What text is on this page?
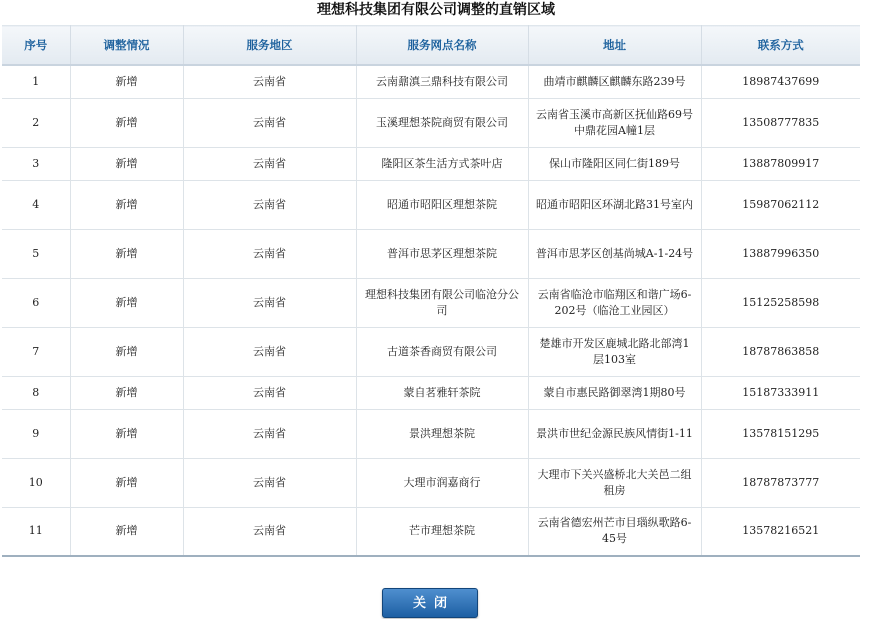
理想科技集团有限公司调整的直销区域
序号	调整情况	服务地区	服务网点名称	地址	联系方式
1	新增	云南省	云南鼐滇三鼎科技有限公司	曲靖市麒麟区麒麟东路239号	18987437699
2	新增	云南省	玉溪理想茶院商贸有限公司	云南省玉溪市高新区抚仙路69号中鼎花园A幢1层	13508777835
3	新增	云南省	隆阳区茶生活方式茶叶店	保山市隆阳区同仁街189号	13887809917
4	新增	云南省	昭通市昭阳区理想茶院	昭通市昭阳区环湖北路31号室内	15987062112
5	新增	云南省	普洱市思茅区理想茶院	普洱市思茅区创基尚城A-1-24号	13887996350
6	新增	云南省	理想科技集团有限公司临沧分公司	云南省临沧市临翔区和谐广场6-202号（临沧工业园区）	15125258598
7	新增	云南省	古道茶香商贸有限公司	楚雄市开发区鹿城北路北部湾1层103室	18787863858
8	新增	云南省	蒙自茗雅轩茶院	蒙自市惠民路御翠湾1期80号	15187333911
9	新增	云南省	景洪理想茶院	景洪市世纪金源民族风情街1-11	13578151295
10	新增	云南省	大理市润嘉商行	大理市下关兴盛桥北大关邑二组租房	18787873777
11	新增	云南省	芒市理想茶院	云南省德宏州芒市目瑙纵歌路6-45号	13578216521
关闭
